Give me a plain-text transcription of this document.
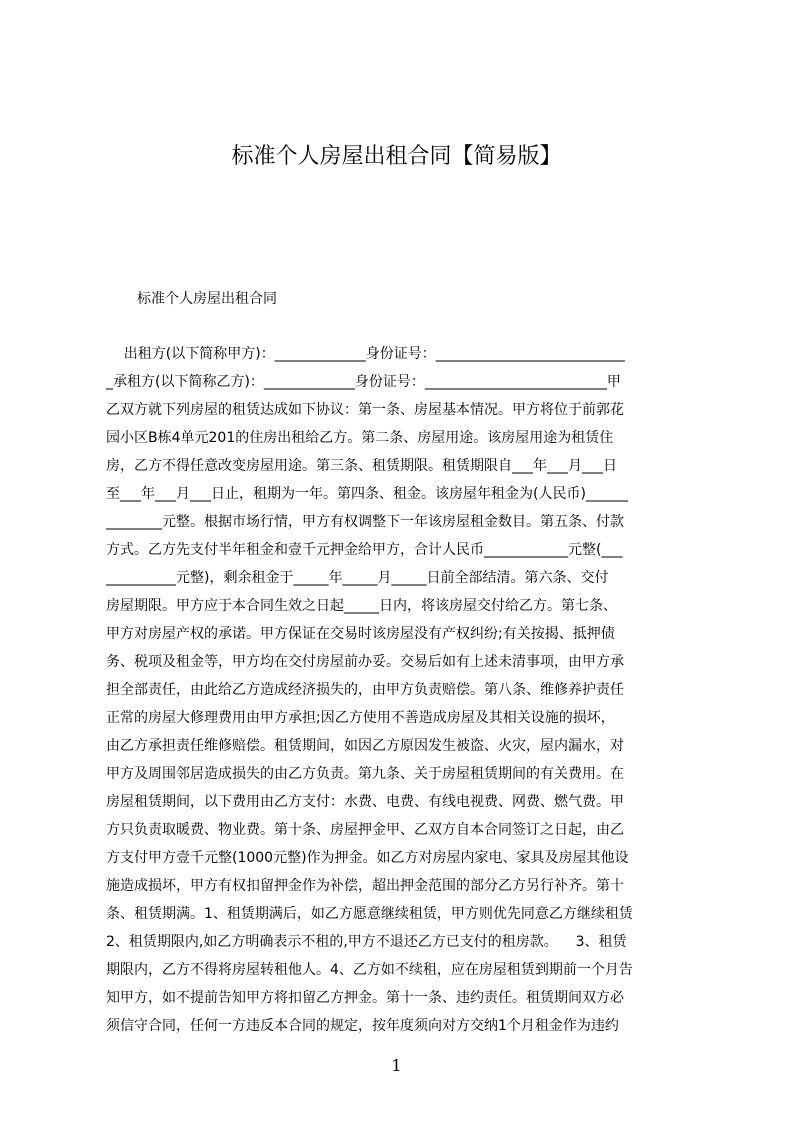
标准个人房屋出租合同【简易版】
标准个人房屋出租合同
出租方(以下简称甲方)：_____________身份证号：___________________________
_承租方(以下简称乙方)：_____________身份证号：__________________________甲
乙双方就下列房屋的租赁达成如下协议：第一条、房屋基本情况。甲方将位于前郭花
园小区B栋4单元201的住房出租给乙方。第二条、房屋用途。该房屋用途为租赁住
房，乙方不得任意改变房屋用途。第三条、租赁期限。租赁期限自___年___月___日
至___年___月___日止，租期为一年。第四条、租金。该房屋年租金为(人民币)______
________元整。根据市场行情，甲方有权调整下一年该房屋租金数目。第五条、付款
方式。乙方先支付半年租金和壹千元押金给甲方，合计人民币____________元整(___
__________元整)，剩余租金于_____年_____月_____日前全部结清。第六条、交付
房屋期限。甲方应于本合同生效之日起_____日内，将该房屋交付给乙方。第七条、
甲方对房屋产权的承诺。甲方保证在交易时该房屋没有产权纠纷;有关按揭、抵押债
务、税项及租金等，甲方均在交付房屋前办妥。交易后如有上述未清事项，由甲方承
担全部责任，由此给乙方造成经济损失的，由甲方负责赔偿。第八条、维修养护责任
正常的房屋大修理费用由甲方承担;因乙方使用不善造成房屋及其相关设施的损坏，
由乙方承担责任维修赔偿。租赁期间，如因乙方原因发生被盗、火灾，屋内漏水，对
甲方及周围邻居造成损失的由乙方负责。第九条、关于房屋租赁期间的有关费用。在
房屋租赁期间，以下费用由乙方支付：水费、电费、有线电视费、网费、燃气费。甲
方只负责取暖费、物业费。第十条、房屋押金甲、乙双方自本合同签订之日起，由乙
方支付甲方壹千元整(1000元整)作为押金。如乙方对房屋内家电、家具及房屋其他设
施造成损坏，甲方有权扣留押金作为补偿，超出押金范围的部分乙方另行补齐。第十
条、租赁期满。1、租赁期满后，如乙方愿意继续租赁，甲方则优先同意乙方继续租赁
2、租赁期限内,如乙方明确表示不租的,甲方不退还乙方已支付的租房款。    3、租赁
期限内，乙方不得将房屋转租他人。4、乙方如不续租，应在房屋租赁到期前一个月告
知甲方，如不提前告知甲方将扣留乙方押金。第十一条、违约责任。租赁期间双方必
须信守合同，任何一方违反本合同的规定，按年度须向对方交纳1个月租金作为违约
1
